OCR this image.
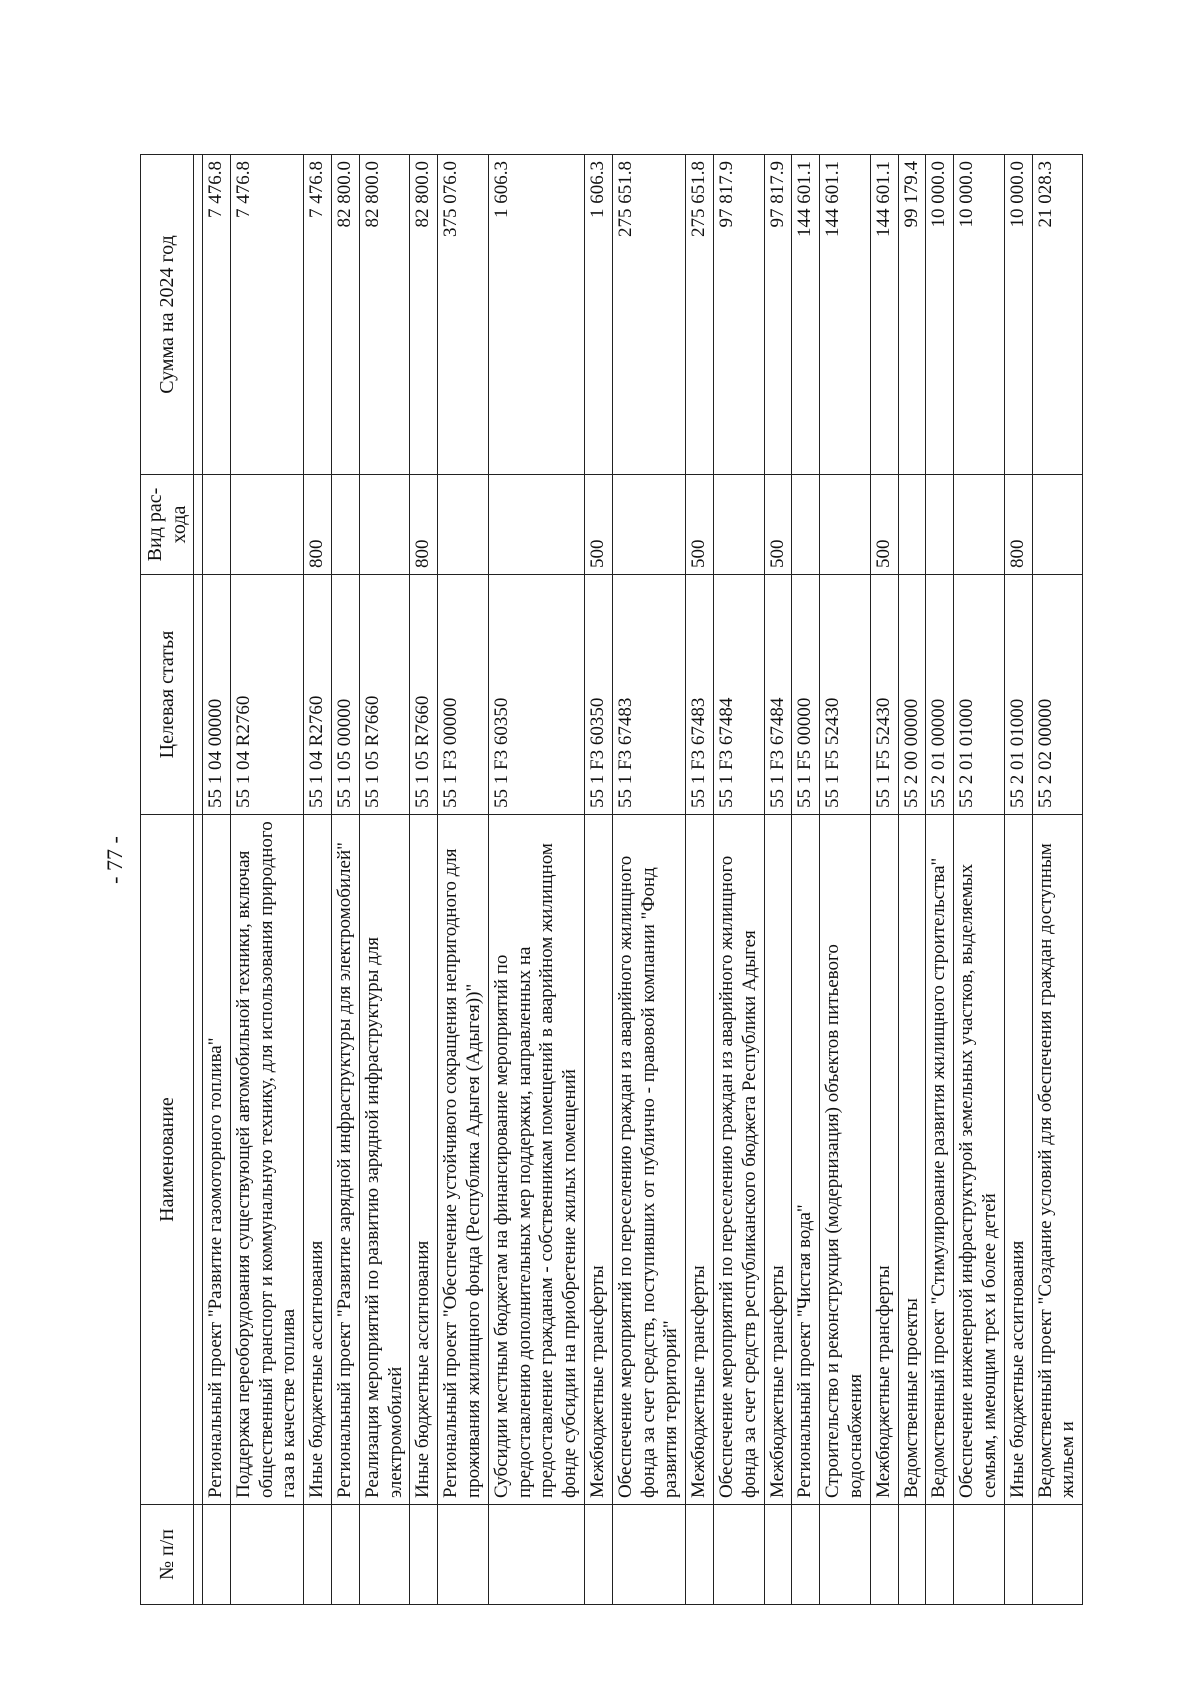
- 77 -
№ п/п	Наименование	Целевая статья	Вид рас- хода	Сумма на 2024 год

	Региональный проект "Развитие газомоторного топлива"	55 1 04 00000		7 476.8
	Поддержка переоборудования существующей автомобильной техники, включая общественный транспорт и коммунальную технику, для использования природного газа в качестве топлива	55 1 04 R2760		7 476.8
	Иные бюджетные ассигнования	55 1 04 R2760	800	7 476.8
	Региональный проект "Развитие зарядной инфраструктуры для электромобилей"	55 1 05 00000		82 800.0
	Реализация мероприятий по развитию зарядной инфраструктуры для электромобилей	55 1 05 R7660		82 800.0
	Иные бюджетные ассигнования	55 1 05 R7660	800	82 800.0
	Региональный проект "Обеспечение устойчивого сокращения непригодного для проживания жилищного фонда (Республика Адыгея (Адыгея))"	55 1 F3 00000		375 076.0
	Субсидии местным бюджетам на финансирование мероприятий по предоставлению дополнительных мер поддержки, направленных на предоставление гражданам - собственникам помещений в аварийном жилищном фонде субсидии на приобретение жилых помещений	55 1 F3 60350		1 606.3
	Межбюджетные трансферты	55 1 F3 60350	500	1 606.3
	Обеспечение мероприятий по переселению граждан из аварийного жилищного фонда за счет средств, поступивших от публично - правовой компании "Фонд развития территорий"	55 1 F3 67483		275 651.8
	Межбюджетные трансферты	55 1 F3 67483	500	275 651.8
	Обеспечение мероприятий по переселению граждан из аварийного жилищного фонда за счет средств республиканского бюджета Республики Адыгея	55 1 F3 67484		97 817.9
	Межбюджетные трансферты	55 1 F3 67484	500	97 817.9
	Региональный проект "Чистая вода"	55 1 F5 00000		144 601.1
	Строительство и реконструкция (модернизация) объектов питьевого водоснабжения	55 1 F5 52430		144 601.1
	Межбюджетные трансферты	55 1 F5 52430	500	144 601.1
	Ведомственные проекты	55 2 00 00000		99 179.4
	Ведомственный проект "Стимулирование развития жилищного строительства"	55 2 01 00000		10 000.0
	Обеспечение инженерной инфраструктурой земельных участков, выделяемых семьям, имеющим трех и более детей	55 2 01 01000		10 000.0
	Иные бюджетные ассигнования	55 2 01 01000	800	10 000.0
	Ведомственный проект "Создание условий для обеспечения граждан доступным жильем и	55 2 02 00000		21 028.3
